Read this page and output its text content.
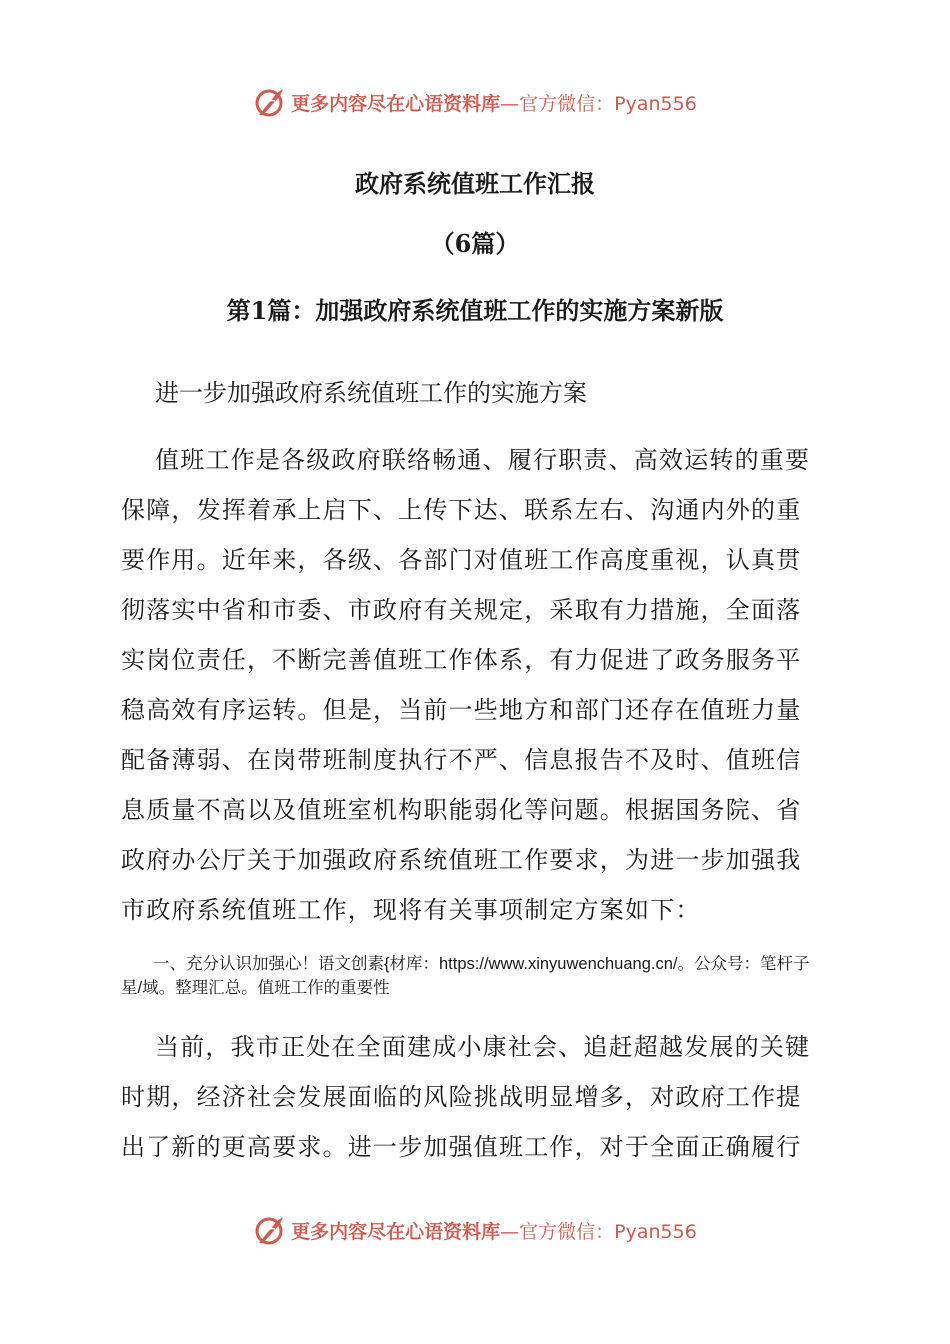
更多内容尽在心语资料库 —官方微信：Pyan556
政府系统值班工作汇报
（6篇）
第1篇：加强政府系统值班工作的实施方案新版

进一步加强政府系统值班工作的实施方案

值班工作是各级政府联络畅通、履行职责、高效运转的重要保障，发挥着承上启下、上传下达、联系左右、沟通内外的重要作用。近年来，各级、各部门对值班工作高度重视，认真贯彻落实中省和市委、市政府有关规定，采取有力措施，全面落实岗位责任，不断完善值班工作体系，有力促进了政务服务平稳高效有序运转。但是，当前一些地方和部门还存在值班力量配备薄弱、在岗带班制度执行不严、信息报告不及时、值班信息质量不高以及值班室机构职能弱化等问题。根据国务院、省政府办公厅关于加强政府系统值班工作要求，为进一步加强我市政府系统值班工作，现将有关事项制定方案如下：

一、充分认识加强心！语文创素{材库：https://www.xinyuwenchuang.cn/。公众号：笔杆子星/域。整理汇总。值班工作的重要性

当前，我市正处在全面建成小康社会、追赶超越发展的关键时期，经济社会发展面临的风险挑战明显增多，对政府工作提出了新的更高要求。进一步加强值班工作，对于全面正确履行

更多内容尽在心语资料库 —官方微信：Pyan556
